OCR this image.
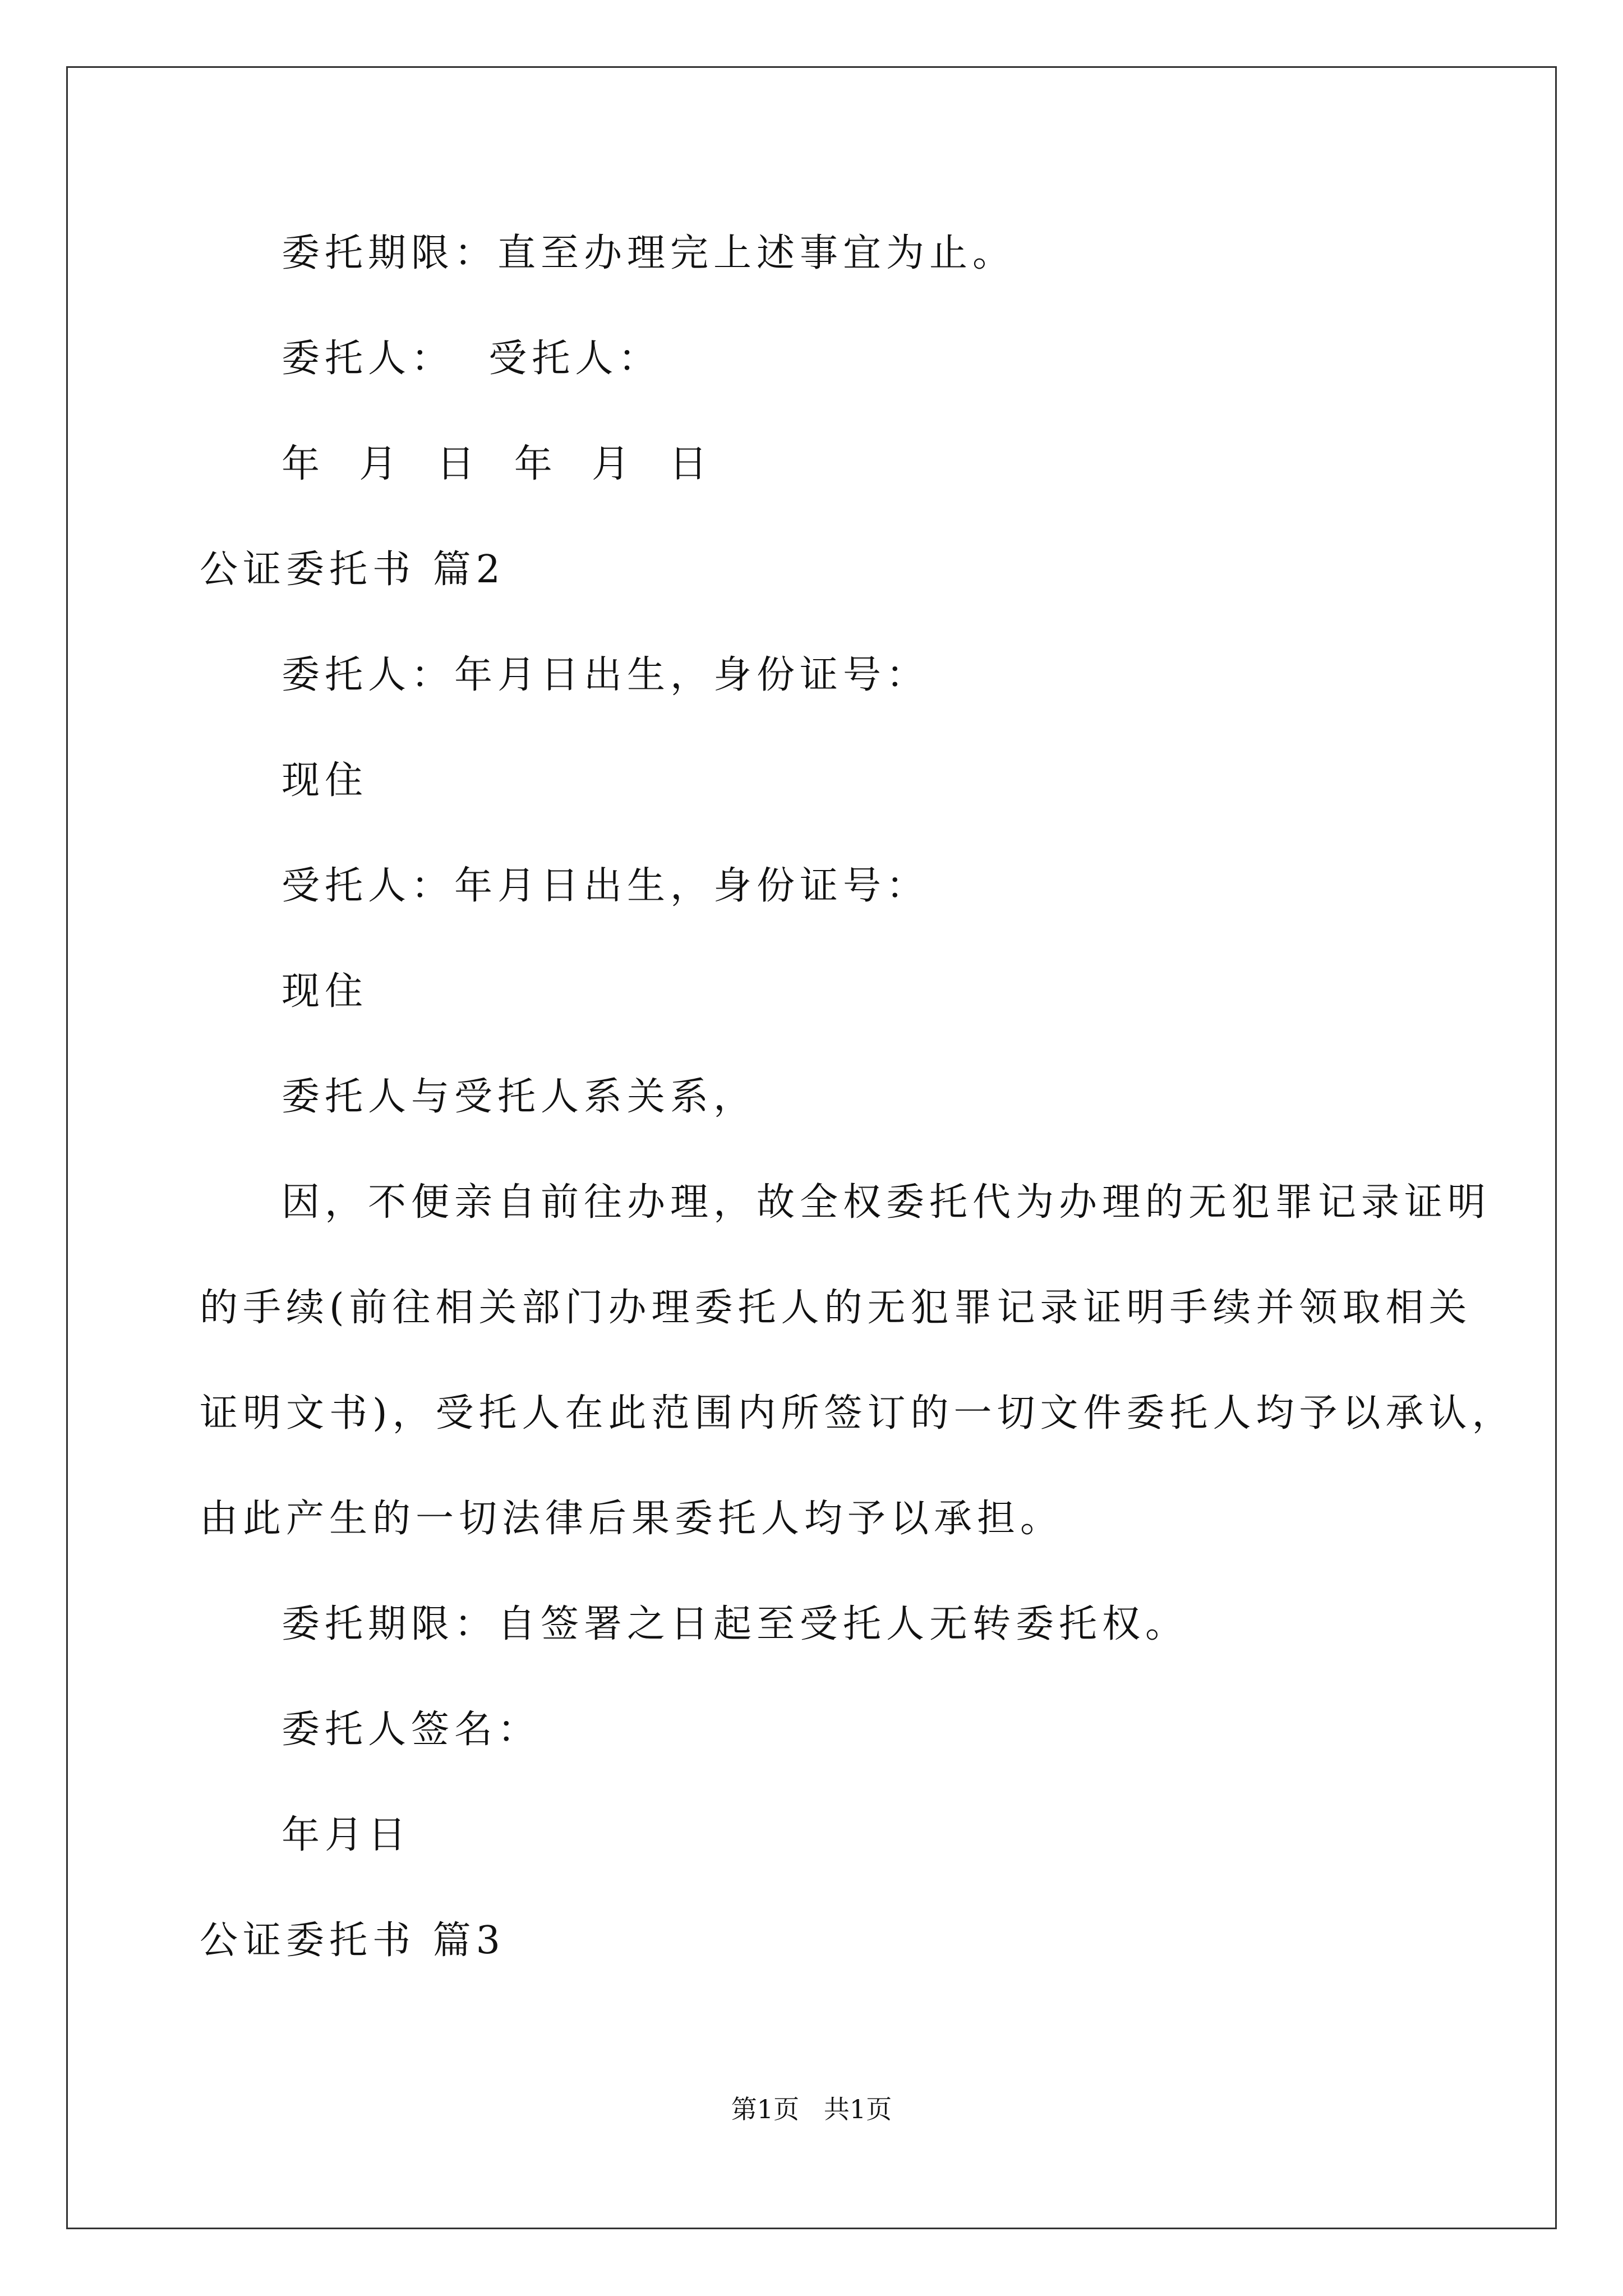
委托期限：直至办理完上述事宜为止。

委托人：  受托人：

年  月  日  年  月  日

公证委托书 篇2

委托人：年月日出生，身份证号：

现住

受托人：年月日出生，身份证号：

现住

委托人与受托人系关系，

因，不便亲自前往办理，故全权委托代为办理的无犯罪记录证明

的手续(前往相关部门办理委托人的无犯罪记录证明手续并领取相关

证明文书)，受托人在此范围内所签订的一切文件委托人均予以承认，

由此产生的一切法律后果委托人均予以承担。

委托期限：自签署之日起至受托人无转委托权。

委托人签名：

年月日

公证委托书 篇3

第1页   共1页
